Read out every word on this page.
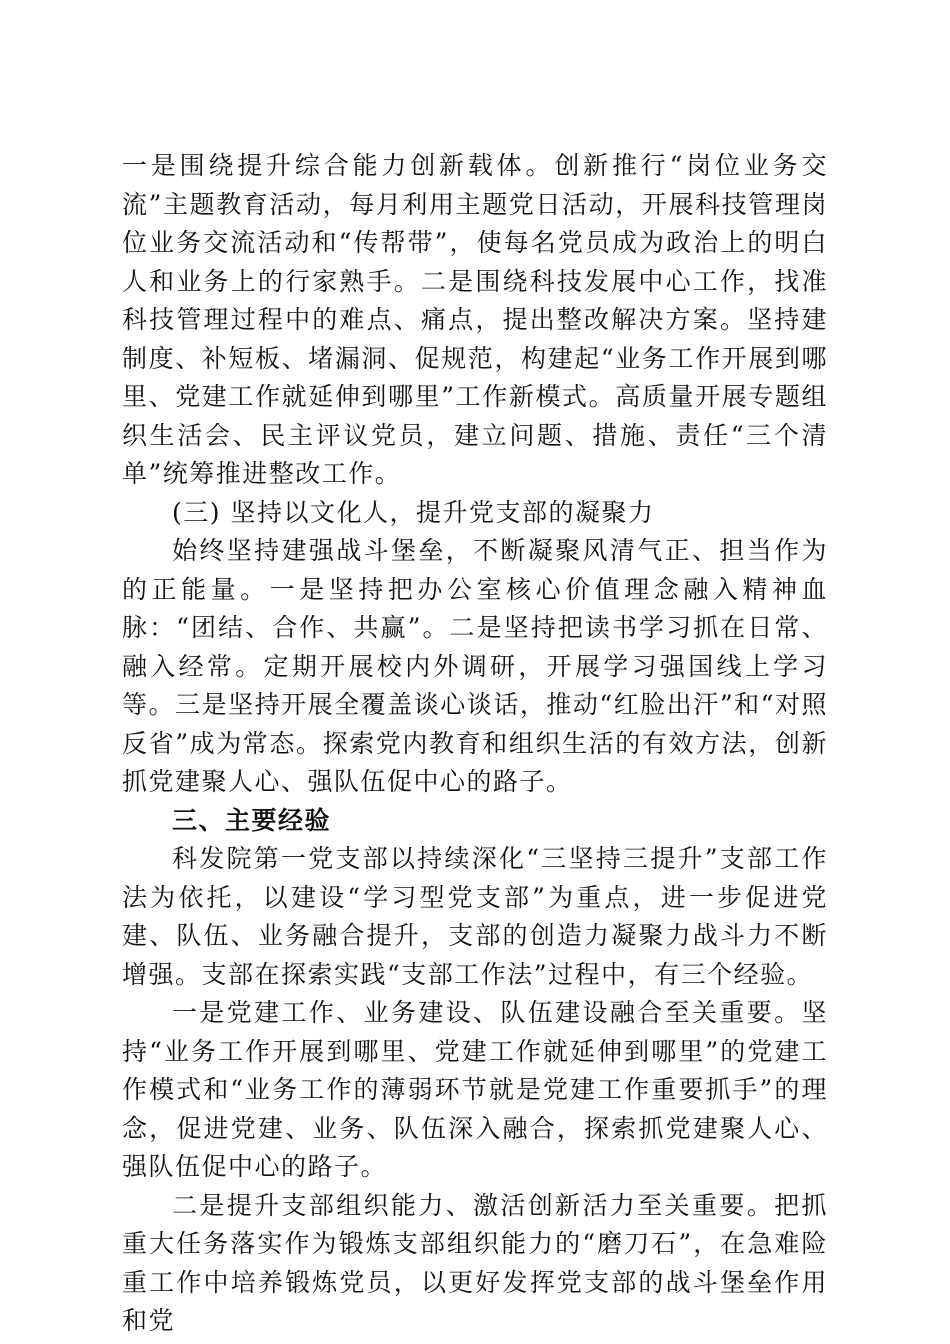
一是围绕提升综合能力创新载体。创新推行“岗位业务交流”主题教育活动，每月利用主题党日活动，开展科技管理岗位业务交流活动和“传帮带”，使每名党员成为政治上的明白人和业务上的行家熟手。二是围绕科技发展中心工作，找准科技管理过程中的难点、痛点，提出整改解决方案。坚持建制度、补短板、堵漏洞、促规范，构建起“业务工作开展到哪里、党建工作就延伸到哪里”工作新模式。高质量开展专题组织生活会、民主评议党员，建立问题、措施、责任“三个清单”统筹推进整改工作。

(三) 坚持以文化人，提升党支部的凝聚力

始终坚持建强战斗堡垒，不断凝聚风清气正、担当作为的正能量。一是坚持把办公室核心价值理念融入精神血脉：“团结、合作、共赢”。二是坚持把读书学习抓在日常、融入经常。定期开展校内外调研，开展学习强国线上学习等。三是坚持开展全覆盖谈心谈话，推动“红脸出汗”和“对照反省”成为常态。探索党内教育和组织生活的有效方法，创新抓党建聚人心、强队伍促中心的路子。

三、主要经验

科发院第一党支部以持续深化“三坚持三提升”支部工作法为依托，以建设“学习型党支部”为重点，进一步促进党建、队伍、业务融合提升，支部的创造力凝聚力战斗力不断增强。支部在探索实践“支部工作法”过程中，有三个经验。

一是党建工作、业务建设、队伍建设融合至关重要。坚持“业务工作开展到哪里、党建工作就延伸到哪里”的党建工作模式和“业务工作的薄弱环节就是党建工作重要抓手”的理念，促进党建、业务、队伍深入融合，探索抓党建聚人心、强队伍促中心的路子。

二是提升支部组织能力、激活创新活力至关重要。把抓重大任务落实作为锻炼支部组织能力的“磨刀石”，在急难险重工作中培养锻炼党员，以更好发挥党支部的战斗堡垒作用和党
